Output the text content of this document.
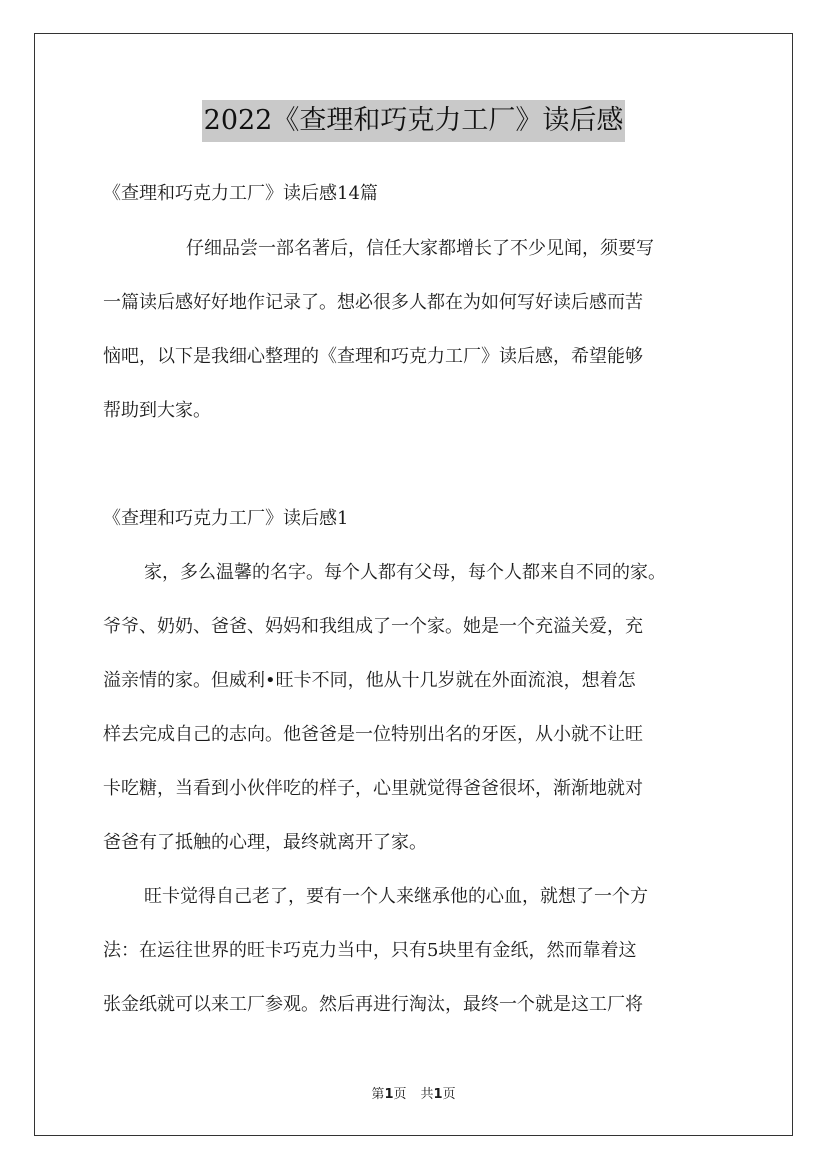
2022《查理和巧克力工厂》读后感
《查理和巧克力工厂》读后感14篇
仔细品尝一部名著后，信任大家都增长了不少见闻，须要写
一篇读后感好好地作记录了。想必很多人都在为如何写好读后感而苦
恼吧，以下是我细心整理的《查理和巧克力工厂》读后感，希望能够
帮助到大家。
《查理和巧克力工厂》读后感1
家，多么温馨的名字。每个人都有父母，每个人都来自不同的家。
爷爷、奶奶、爸爸、妈妈和我组成了一个家。她是一个充溢关爱，充
溢亲情的家。但威利•旺卡不同，他从十几岁就在外面流浪，想着怎
样去完成自己的志向。他爸爸是一位特别出名的牙医，从小就不让旺
卡吃糖，当看到小伙伴吃的样子，心里就觉得爸爸很坏，渐渐地就对
爸爸有了抵触的心理，最终就离开了家。
旺卡觉得自己老了，要有一个人来继承他的心血，就想了一个方
法：在运往世界的旺卡巧克力当中，只有5块里有金纸，然而靠着这
张金纸就可以来工厂参观。然后再进行淘汰，最终一个就是这工厂将
第1页 共1页
